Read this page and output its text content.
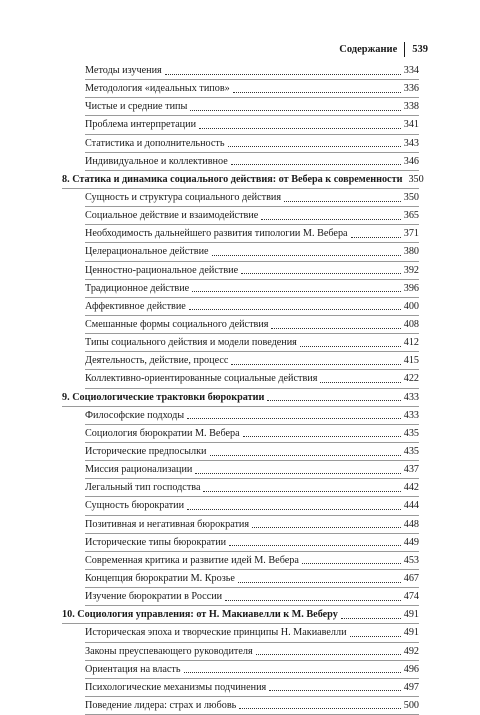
Содержание 539
Методы изучения	334
Методология «идеальных типов»	336
Чистые и средние типы	338
Проблема интерпретации	341
Статистика и дополнительность	343
Индивидуальное и коллективное	346
8. Статика и динамика социального действия: от Вебера к современности 350
Сущность и структура социального действия	350
Социальное действие и взаимодействие	365
Необходимость дальнейшего развития типологии М. Вебера	371
Целерациональное действие	380
Ценностно-рациональное действие	392
Традиционное действие	396
Аффективное действие	400
Смешанные формы социального действия	408
Типы социального действия и модели поведения	412
Деятельность, действие, процесс	415
Коллективно-ориентированные социальные действия	422
9. Социологические трактовки бюрократии	433
Философские подходы	433
Социология бюрократии М. Вебера	435
Исторические предпосылки	435
Миссия рационализации	437
Легальный тип господства	442
Сущность бюрократии	444
Позитивная и негативная бюрократия	448
Исторические типы бюрократии	449
Современная критика и развитие идей М. Вебера	453
Концепция бюрократии М. Крозье	467
Изучение бюрократии в России	474
10. Социология управления: от Н. Макиавелли к М. Веберу	491
Историческая эпоха и творческие принципы Н. Макиавелли	491
Законы преуспевающего руководителя	492
Ориентация на власть	496
Психологические механизмы подчинения	497
Поведение лидера: страх и любовь	500
